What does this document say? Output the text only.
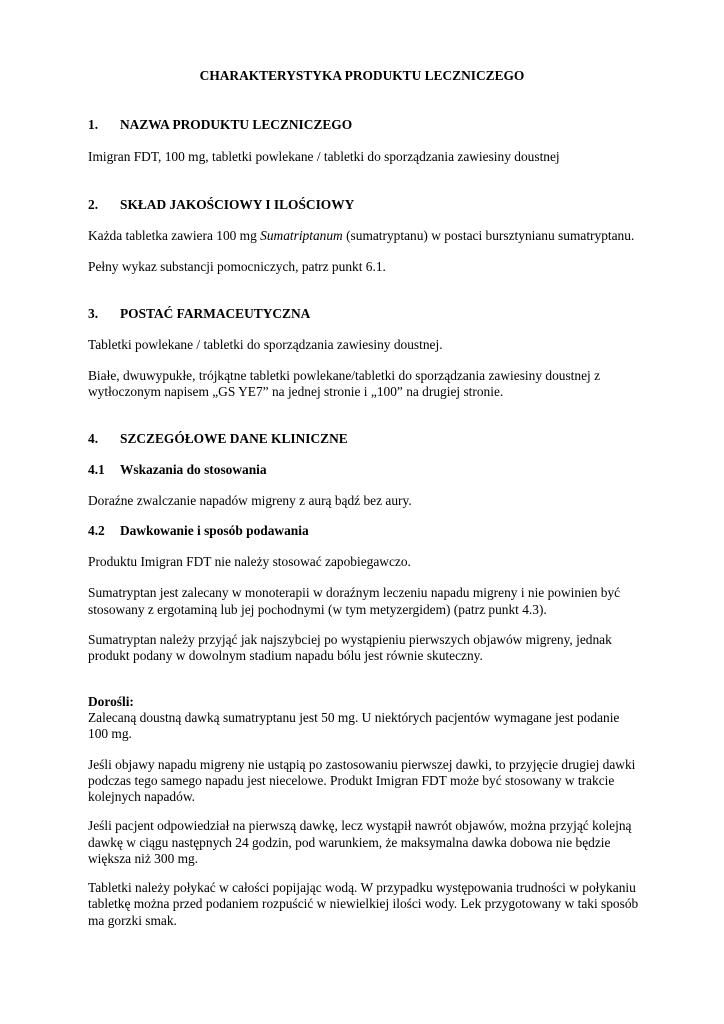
CHARAKTERYSTYKA PRODUKTU LECZNICZEGO
1. NAZWA PRODUKTU LECZNICZEGO
Imigran FDT, 100 mg, tabletki powlekane / tabletki do sporządzania zawiesiny doustnej
2. SKŁAD JAKOŚCIOWY I ILOŚCIOWY
Każda tabletka zawiera 100 mg Sumatriptanum (sumatryptanu) w postaci bursztynianu sumatryptanu.
Pełny wykaz substancji pomocniczych, patrz punkt 6.1.
3. POSTAĆ FARMACEUTYCZNA
Tabletki powlekane / tabletki do sporządzania zawiesiny doustnej.
Białe, dwuwypukłe, trójkątne tabletki powlekane/tabletki do sporządzania zawiesiny doustnej z
wytłoczonym napisem „GS YE7” na jednej stronie i „100” na drugiej stronie.
4. SZCZEGÓŁOWE DANE KLINICZNE
4.1 Wskazania do stosowania
Doraźne zwalczanie napadów migreny z aurą bądź bez aury.
4.2 Dawkowanie i sposób podawania
Produktu Imigran FDT nie należy stosować zapobiegawczo.
Sumatryptan jest zalecany w monoterapii w doraźnym leczeniu napadu migreny i nie powinien być
stosowany z ergotaminą lub jej pochodnymi (w tym metyzergidem) (patrz punkt 4.3).
Sumatryptan należy przyjąć jak najszybciej po wystąpieniu pierwszych objawów migreny, jednak
produkt podany w dowolnym stadium napadu bólu jest równie skuteczny.
Dorośli:
Zalecaną doustną dawką sumatryptanu jest 50 mg. U niektórych pacjentów wymagane jest podanie
100 mg.
Jeśli objawy napadu migreny nie ustąpią po zastosowaniu pierwszej dawki, to przyjęcie drugiej dawki
podczas tego samego napadu jest niecelowe. Produkt Imigran FDT może być stosowany w trakcie
kolejnych napadów.
Jeśli pacjent odpowiedział na pierwszą dawkę, lecz wystąpił nawrót objawów, można przyjąć kolejną
dawkę w ciągu następnych 24 godzin, pod warunkiem, że maksymalna dawka dobowa nie będzie
większa niż 300 mg.
Tabletki należy połykać w całości popijając wodą. W przypadku występowania trudności w połykaniu
tabletkę można przed podaniem rozpuścić w niewielkiej ilości wody. Lek przygotowany w taki sposób
ma gorzki smak.
